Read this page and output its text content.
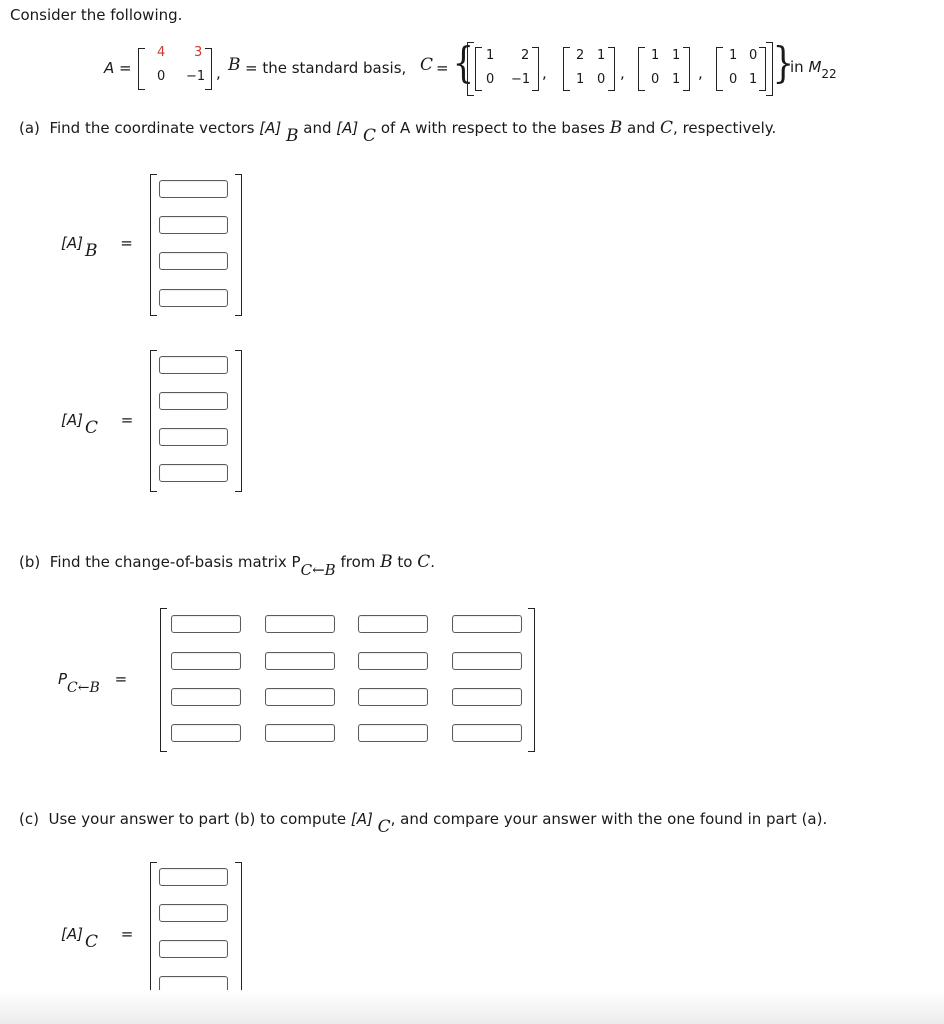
Consider the following.
A =
4 3
0 −1 , B = the standard basis, C = {	}
1 2
0 −1 ,
2 1
1 0 ,
1 1
0 1 ,
1 0
0 1
in $M_{22}$
(a) Find the coordinate vectors [A] B and [A] C of A with respect to the bases B and C, respectively.
[A] B =
[A] C =
(b) Find the change-of-basis matrix PC←B from B to C.
PC←B =
(c) Use your answer to part (b) to compute [A] C, and compare your answer with the one found in part (a).
[A] C =
